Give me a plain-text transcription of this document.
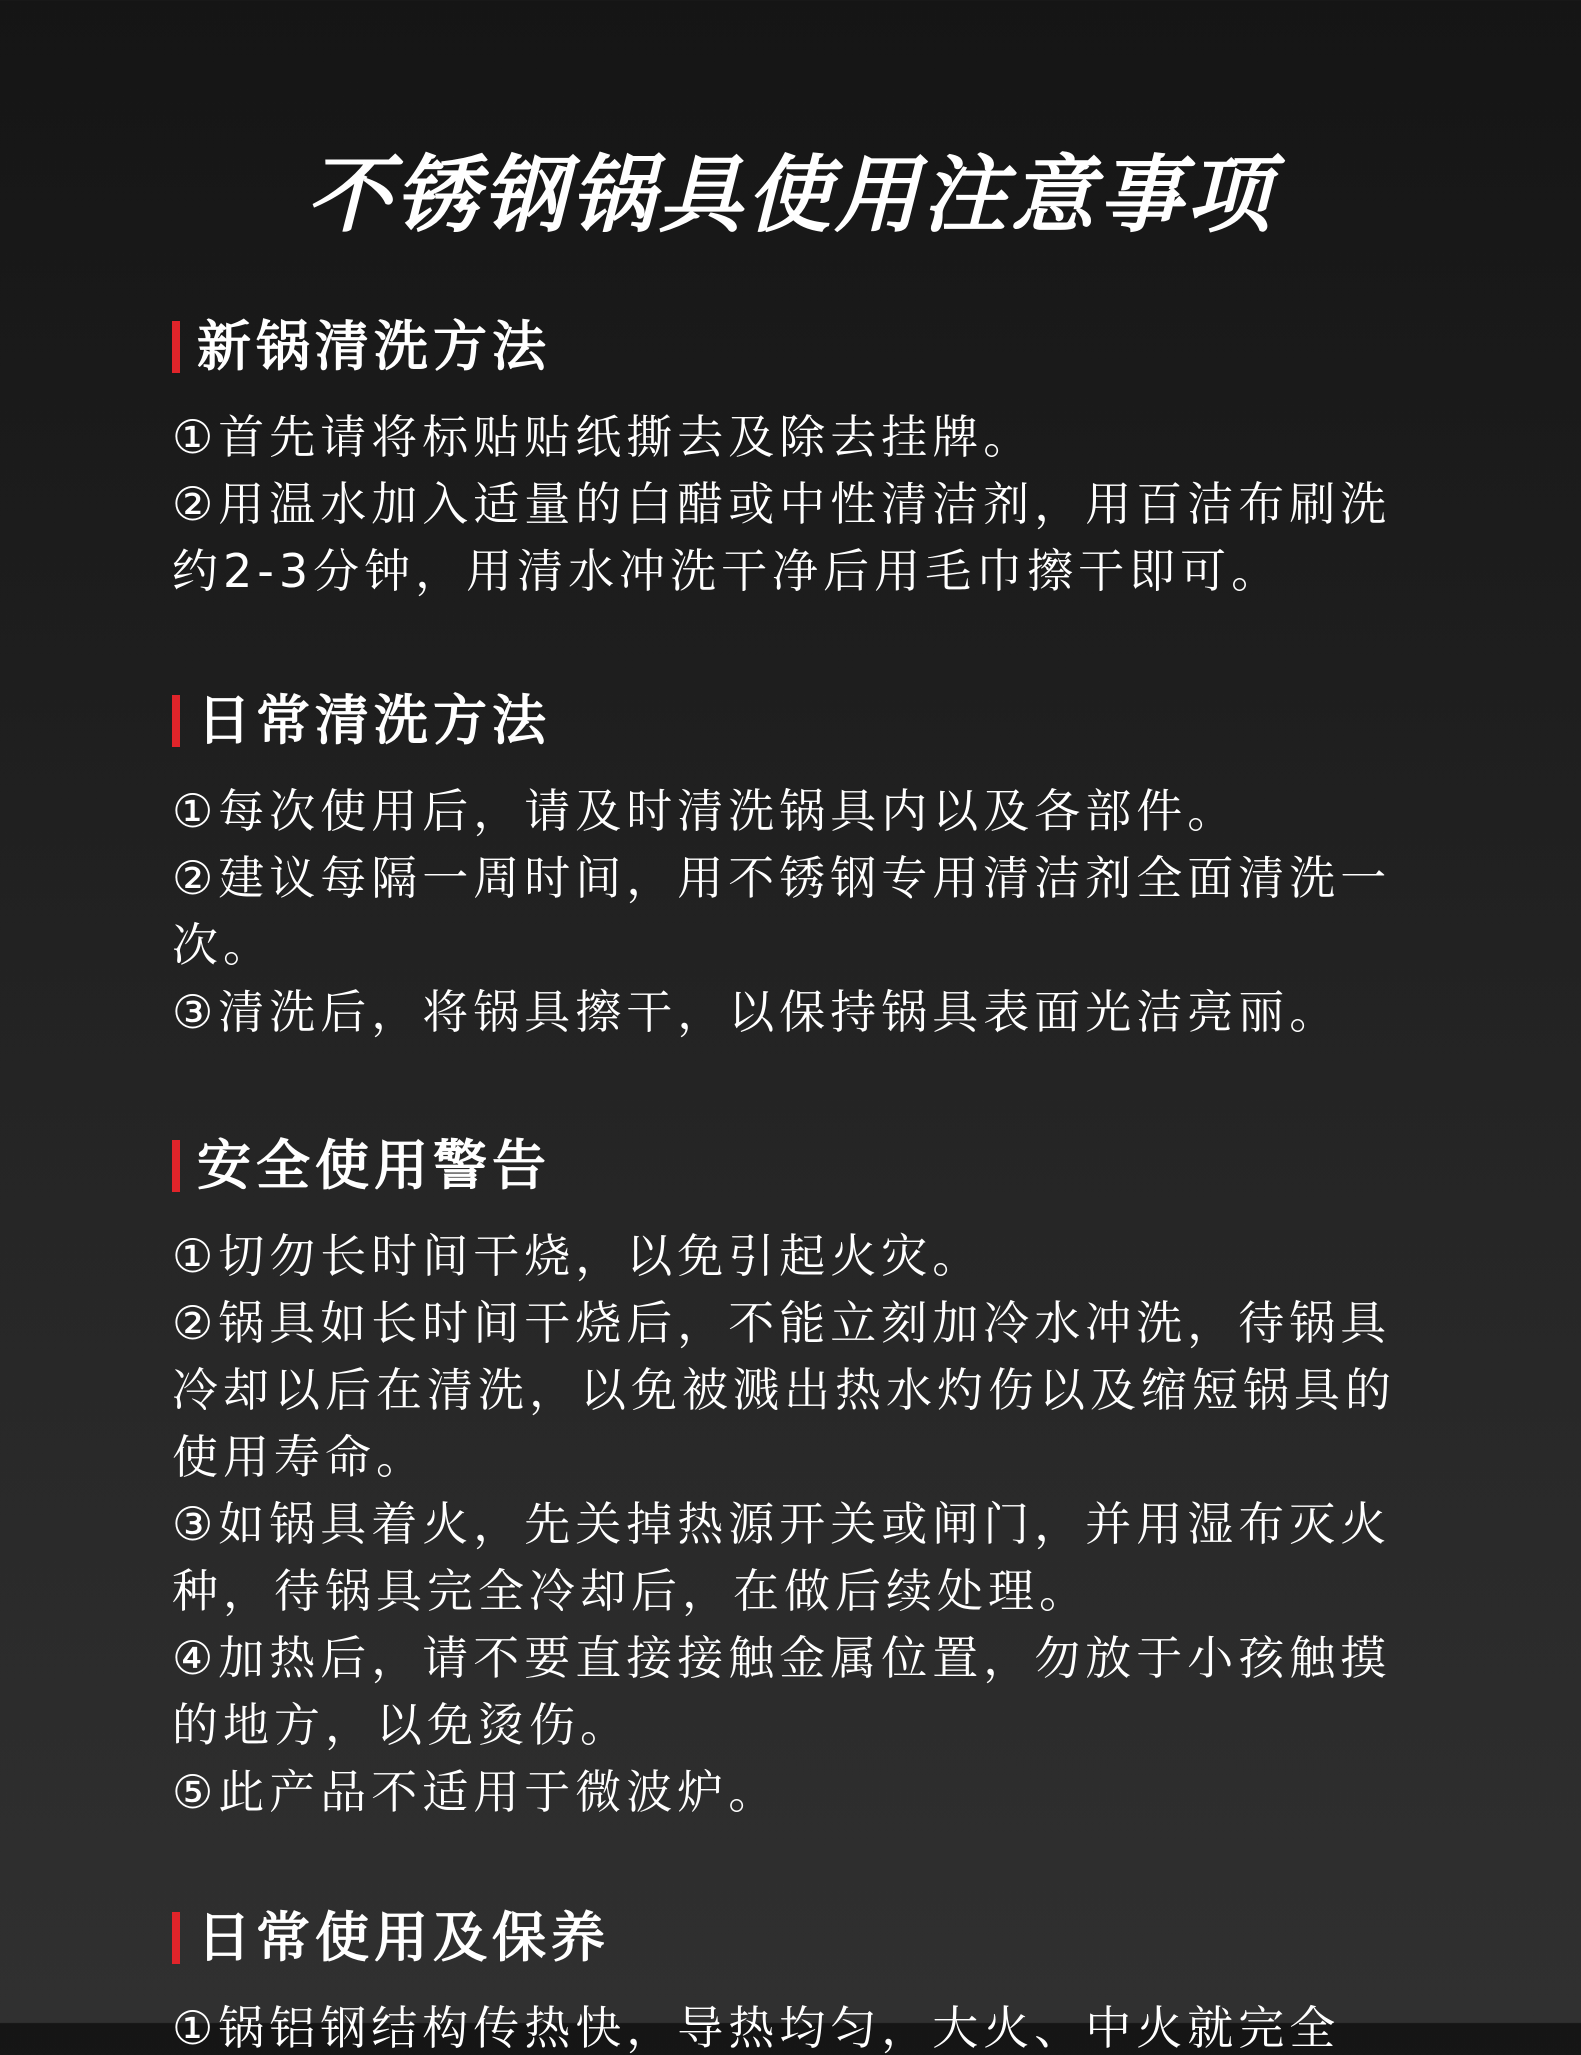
不锈钢锅具使用注意事项
新锅清洗方法
①首先请将标贴贴纸撕去及除去挂牌。
②用温水加入适量的白醋或中性清洁剂，用百洁布刷洗约2-3分钟，用清水冲洗干净后用毛巾擦干即可。
日常清洗方法
①每次使用后，请及时清洗锅具内以及各部件。
②建议每隔一周时间，用不锈钢专用清洁剂全面清洗一次。
③清洗后，将锅具擦干，以保持锅具表面光洁亮丽。
安全使用警告
①切勿长时间干烧，以免引起火灾。
②锅具如长时间干烧后，不能立刻加冷水冲洗，待锅具冷却以后在清洗，以免被溅出热水灼伤以及缩短锅具的使用寿命。
③如锅具着火，先关掉热源开关或闸门，并用湿布灭火种，待锅具完全冷却后，在做后续处理。
④加热后，请不要直接接触金属位置，勿放于小孩触摸的地方，以免烫伤。
⑤此产品不适用于微波炉。
日常使用及保养
①锅铝钢结构传热快，导热均匀，大火、中火就完全
